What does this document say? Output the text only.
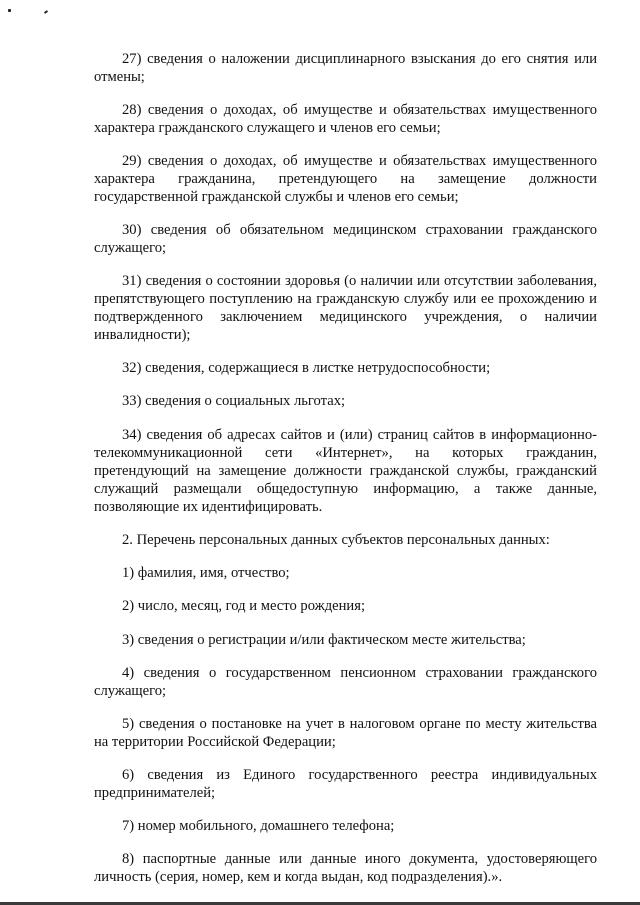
27) сведения о наложении дисциплинарного взыскания до его снятия или отмены;

28) сведения о доходах, об имуществе и обязательствах имущественного характера гражданского служащего и членов его семьи;

29) сведения о доходах, об имуществе и обязательствах имущественного характера гражданина, претендующего на замещение должности государственной гражданской службы и членов его семьи;

30) сведения об обязательном медицинском страховании гражданского служащего;

31) сведения о состоянии здоровья (о наличии или отсутствии заболевания, препятствующего поступлению на гражданскую службу или ее прохождению и подтвержденного заключением медицинского учреждения, о наличии инвалидности);

32) сведения, содержащиеся в листке нетрудоспособности;

33) сведения о социальных льготах;

34) сведения об адресах сайтов и (или) страниц сайтов в информационно-телекоммуникационной сети «Интернет», на которых гражданин, претендующий на замещение должности гражданской службы, гражданский служащий размещали общедоступную информацию, а также данные, позволяющие их идентифицировать.

2. Перечень персональных данных субъектов персональных данных:

1) фамилия, имя, отчество;

2) число, месяц, год и место рождения;

3) сведения о регистрации и/или фактическом месте жительства;

4) сведения о государственном пенсионном страховании гражданского служащего;

5) сведения о постановке на учет в налоговом органе по месту жительства на территории Российской Федерации;

6) сведения из Единого государственного реестра индивидуальных предпринимателей;

7) номер мобильного, домашнего телефона;

8) паспортные данные или данные иного документа, удостоверяющего личность (серия, номер, кем и когда выдан, код подразделения).».
